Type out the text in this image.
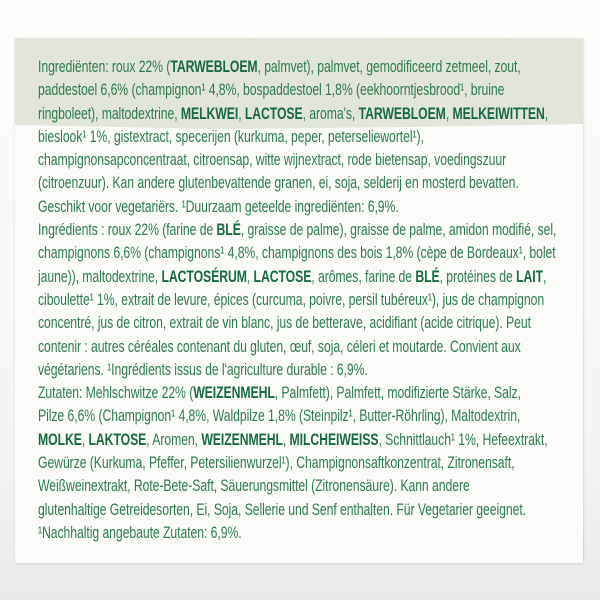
Ingrediënten: roux 22% (TARWEBLOEM, palmvet), palmvet, gemodificeerd zetmeel, zout,
paddestoel 6,6% (champignon¹ 4,8%, bospaddestoel 1,8% (eekhoorntjesbrood¹, bruine
ringboleet), maltodextrine, MELKWEI, LACTOSE, aroma's, TARWEBLOEM, MELKEIWITTEN,
bieslook¹ 1%, gistextract, specerijen (kurkuma, peper, peterseliewortel¹),
champignonsapconcentraat, citroensap, witte wijnextract, rode bietensap, voedingszuur
(citroenzuur). Kan andere glutenbevattende granen, ei, soja, selderij en mosterd bevatten.
Geschikt voor vegetariërs. ¹Duurzaam geteelde ingrediënten: 6,9%.
Ingrédients : roux 22% (farine de BLÉ, graisse de palme), graisse de palme, amidon modifié, sel,
champignons 6,6% (champignons¹ 4,8%, champignons des bois 1,8% (cèpe de Bordeaux¹, bolet
jaune)), maltodextrine, LACTOSÉRUM, LACTOSE, arômes, farine de BLÉ, protéines de LAIT,
ciboulette¹ 1%, extrait de levure, épices (curcuma, poivre, persil tubéreux¹), jus de champignon
concentré, jus de citron, extrait de vin blanc, jus de betterave, acidifiant (acide citrique). Peut
contenir : autres céréales contenant du gluten, œuf, soja, céleri et moutarde. Convient aux
végétariens. ¹Ingrédients issus de l'agriculture durable : 6,9%.
Zutaten: Mehlschwitze 22% (WEIZENMEHL, Palmfett), Palmfett, modifizierte Stärke, Salz,
Pilze 6,6% (Champignon¹ 4,8%, Waldpilze 1,8% (Steinpilz¹, Butter-Röhrling), Maltodextrin,
MOLKE, LAKTOSE, Aromen, WEIZENMEHL, MILCHEIWEISS, Schnittlauch¹ 1%, Hefeextrakt,
Gewürze (Kurkuma, Pfeffer, Petersilienwurzel¹), Champignonsaftkonzentrat, Zitronensaft,
Weißweinextrakt, Rote-Bete-Saft, Säuerungsmittel (Zitronensäure). Kann andere
glutenhaltige Getreidesorten, Ei, Soja, Sellerie und Senf enthalten. Für Vegetarier geeignet.
¹Nachhaltig angebaute Zutaten: 6,9%.
